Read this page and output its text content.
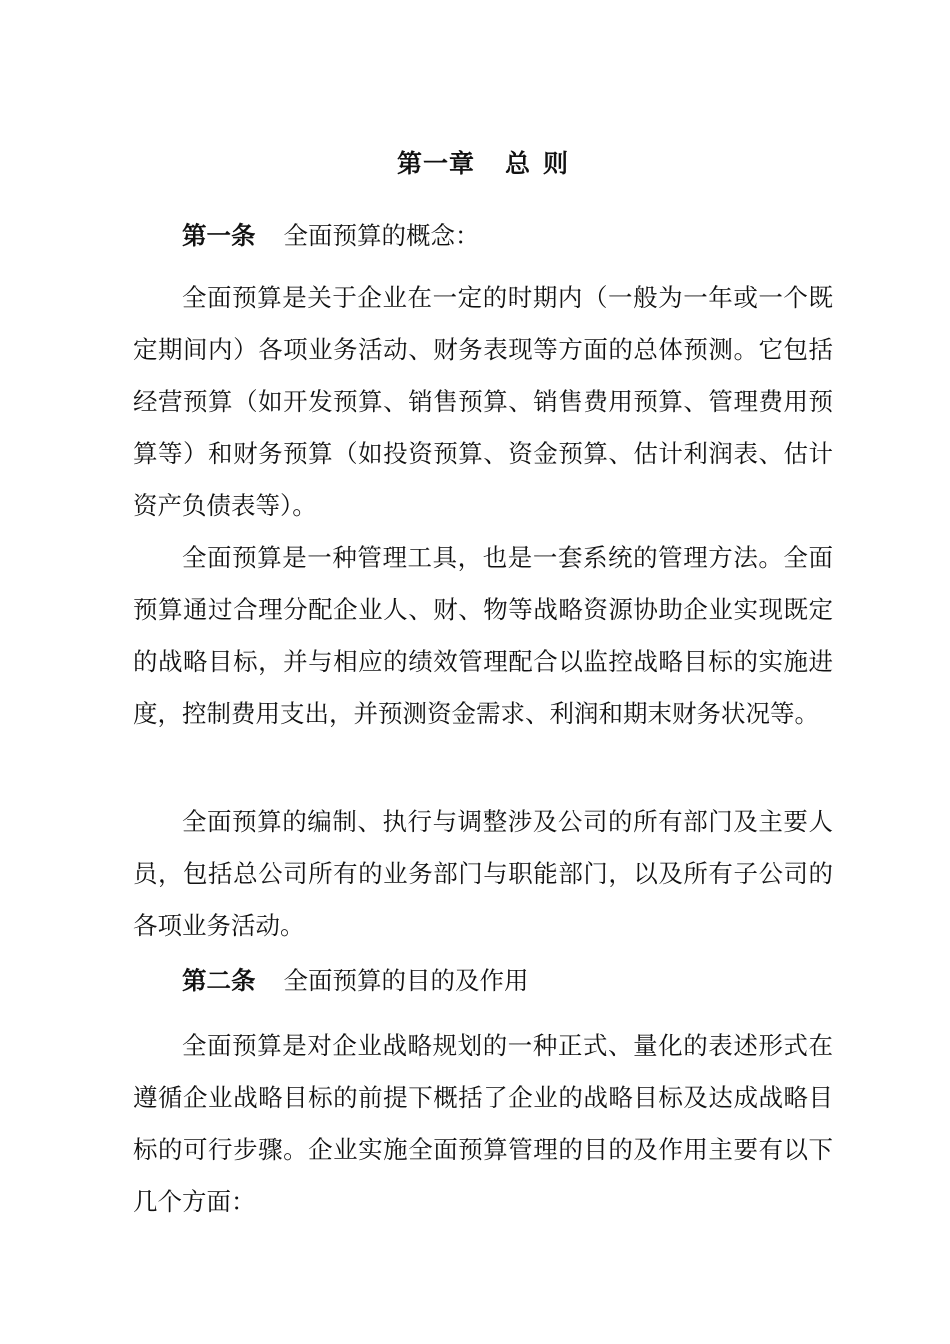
第一章 总 则
第一条 全面预算的概念：

全面预算是关于企业在一定的时期内（一般为一年或一个既定期间内）各项业务活动、财务表现等方面的总体预测。它包括经营预算（如开发预算、销售预算、销售费用预算、管理费用预算等）和财务预算（如投资预算、资金预算、估计利润表、估计资产负债表等）。

全面预算是一种管理工具，也是一套系统的管理方法。全面预算通过合理分配企业人、财、物等战略资源协助企业实现既定的战略目标，并与相应的绩效管理配合以监控战略目标的实施进度，控制费用支出，并预测资金需求、利润和期末财务状况等。

全面预算的编制、执行与调整涉及公司的所有部门及主要人员，包括总公司所有的业务部门与职能部门，以及所有子公司的各项业务活动。

第二条 全面预算的目的及作用

全面预算是对企业战略规划的一种正式、量化的表述形式在遵循企业战略目标的前提下概括了企业的战略目标及达成战略目标的可行步骤。企业实施全面预算管理的目的及作用主要有以下几个方面：
